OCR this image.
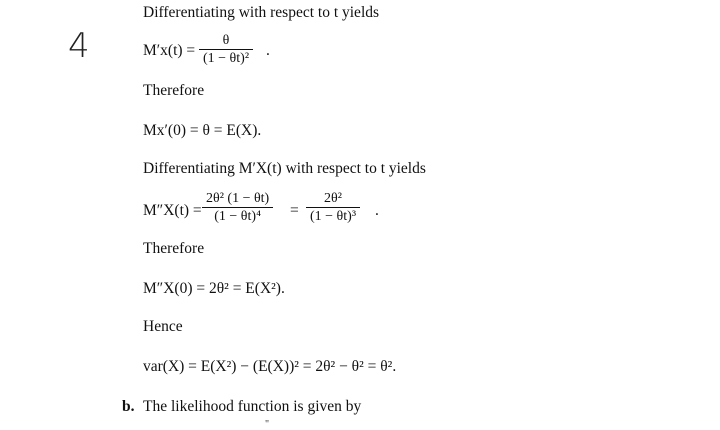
4
Differentiating with respect to t yields
$M'x(t) = \frac{\theta}{\text{(1 − θt)²}}$ .
Therefore
Mx′(0) = θ = E(X).
Differentiating M′X(t) with respect to t yields
$M''X(t) = \frac{\text{2θ² (1 − θt)}}{\text{(1 − θt)⁴}} = \frac{\text{2θ²}}{\text{(1 − θt)³}}$ .
Therefore
M″X(0) = 2θ² = E(X²).
Hence
var(X) = E(X²) − (E(X))² = 2θ² − θ² = θ².
b. The likelihood function is given by
"
